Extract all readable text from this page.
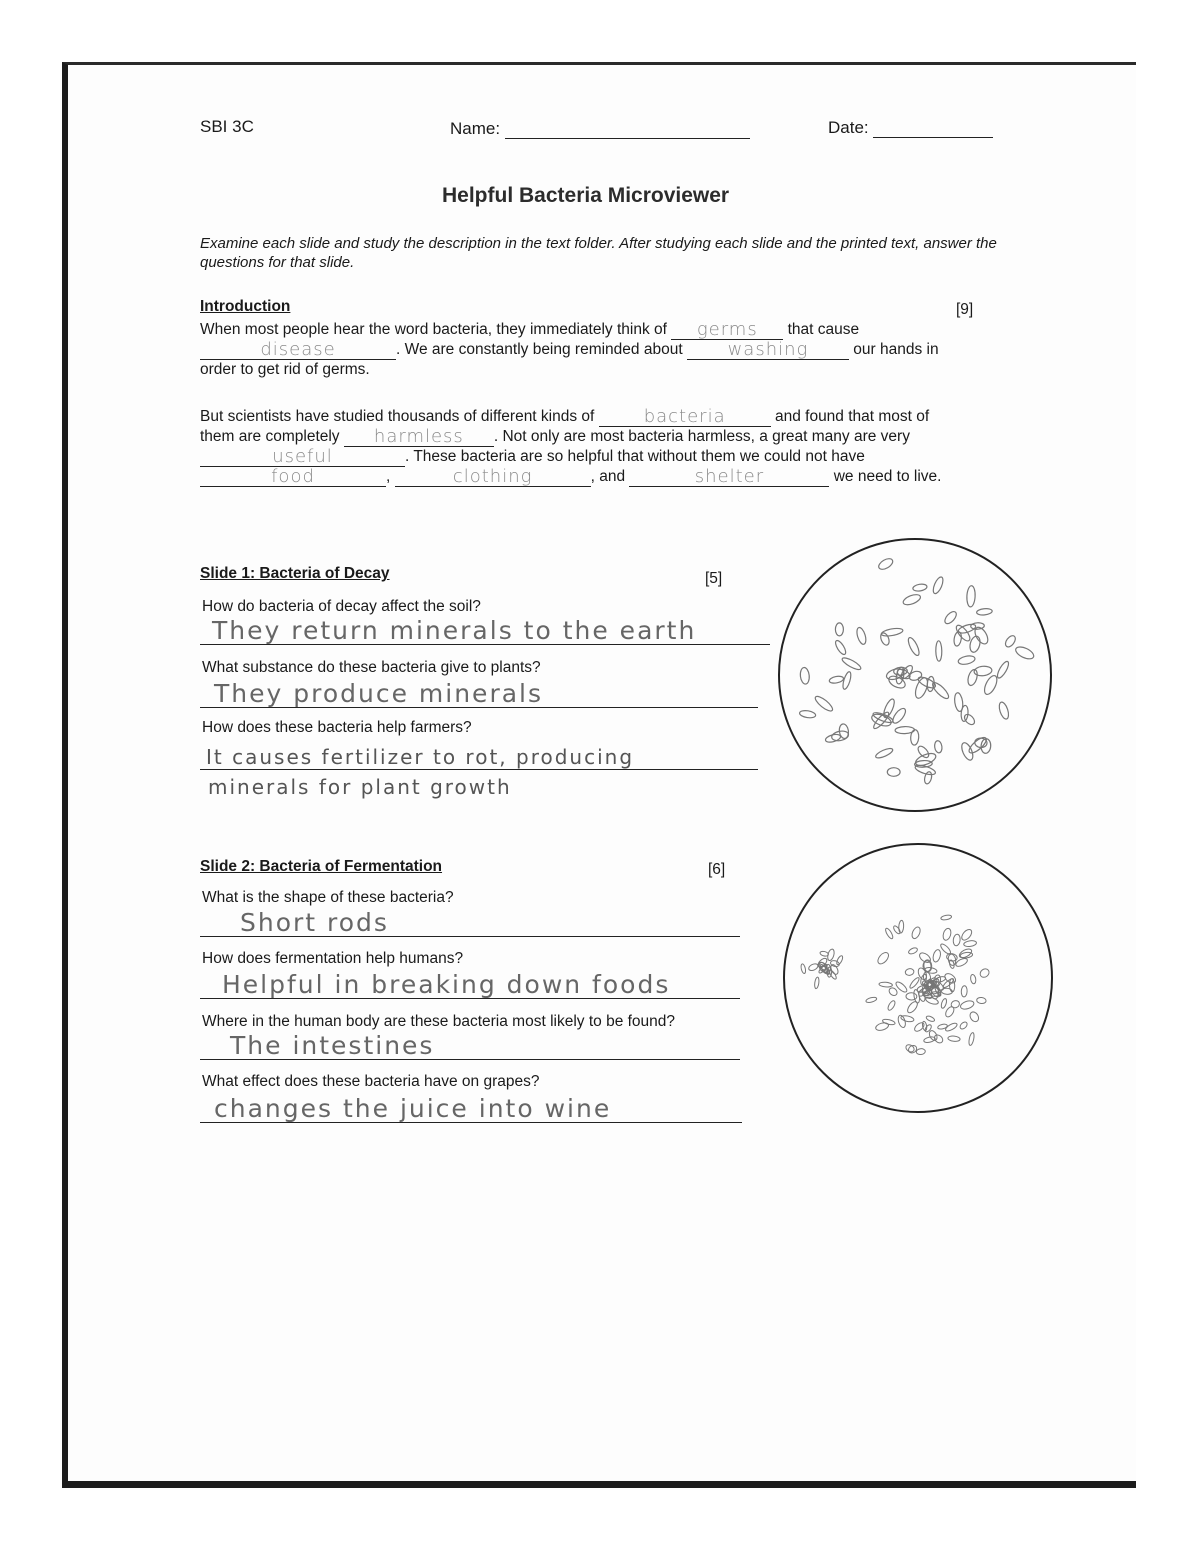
SBI 3C	Name:	Date:
Helpful Bacteria Microviewer
Examine each slide and study the description in the text folder. After studying each slide and the printed text, answer the questions for that slide.
Introduction	[9]
When most people hear the word bacteria, they immediately think of	germs	that cause
disease	. We are constantly being reminded about	washing	our hands in
order to get rid of germs.
But scientists have studied thousands of different kinds of	bacteria	and found that most of
them are completely	harmless	. Not only are most bacteria harmless, a great many are very
useful	. These bacteria are so helpful that without them we could not have
food	,	clothing	, and	shelter	we need to live.
Slide 1: Bacteria of Decay	[5]
How do bacteria of decay affect the soil?
They return minerals to the earth
What substance do these bacteria give to plants?
They produce minerals
How does these bacteria help farmers?
It causes fertilizer to rot, producing
minerals for plant growth
Slide 2: Bacteria of Fermentation	[6]
What is the shape of these bacteria?
Short rods
How does fermentation help humans?
Helpful in breaking down foods
Where in the human body are these bacteria most likely to be found?
The intestines
What effect does these bacteria have on grapes?
changes the juice into wine
